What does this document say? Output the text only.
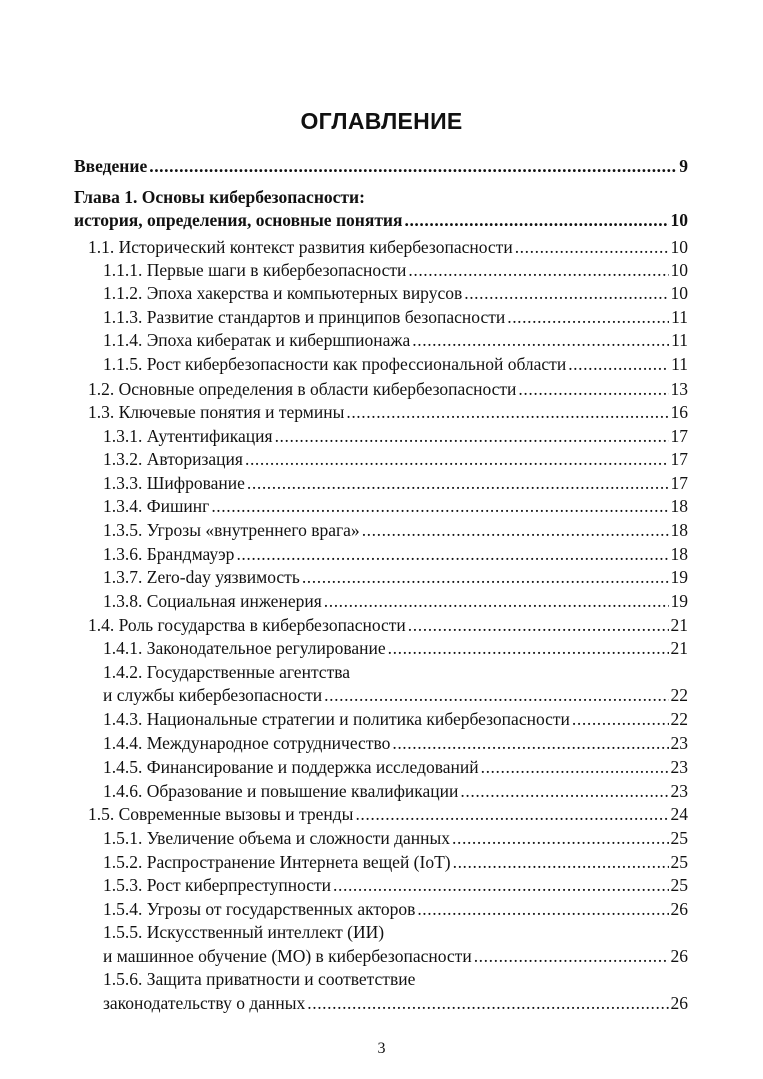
ОГЛАВЛЕНИЕ
Введение .....	9
Глава 1. Основы кибербезопасности:
история, определения, основные понятия .....	10
1.1. Исторический контекст развития кибербезопасности .....	10
1.1.1. Первые шаги в кибербезопасности .....	10
1.1.2. Эпоха хакерства и компьютерных вирусов .....	10
1.1.3. Развитие стандартов и принципов безопасности .....	11
1.1.4. Эпоха кибератак и кибершпионажа .....	11
1.1.5. Рост кибербезопасности как профессиональной области .....	11
1.2. Основные определения в области кибербезопасности .....	13
1.3. Ключевые понятия и термины .....	16
1.3.1. Аутентификация .....	17
1.3.2. Авторизация .....	17
1.3.3. Шифрование .....	17
1.3.4. Фишинг .....	18
1.3.5. Угрозы «внутреннего врага» .....	18
1.3.6. Брандмауэр .....	18
1.3.7. Zero-day уязвимость .....	19
1.3.8. Социальная инженерия .....	19
1.4. Роль государства в кибербезопасности .....	21
1.4.1. Законодательное регулирование .....	21
1.4.2. Государственные агентства
и службы кибербезопасности .....	22
1.4.3. Национальные стратегии и политика кибербезопасности .....	22
1.4.4. Международное сотрудничество .....	23
1.4.5. Финансирование и поддержка исследований .....	23
1.4.6. Образование и повышение квалификации .....	23
1.5. Современные вызовы и тренды .....	24
1.5.1. Увеличение объема и сложности данных .....	25
1.5.2. Распространение Интернета вещей (IoT) .....	25
1.5.3. Рост киберпреступности .....	25
1.5.4. Угрозы от государственных акторов .....	26
1.5.5. Искусственный интеллект (ИИ)
и машинное обучение (МО) в кибербезопасности .....	26
1.5.6. Защита приватности и соответствие
законодательству о данных .....	26
3
